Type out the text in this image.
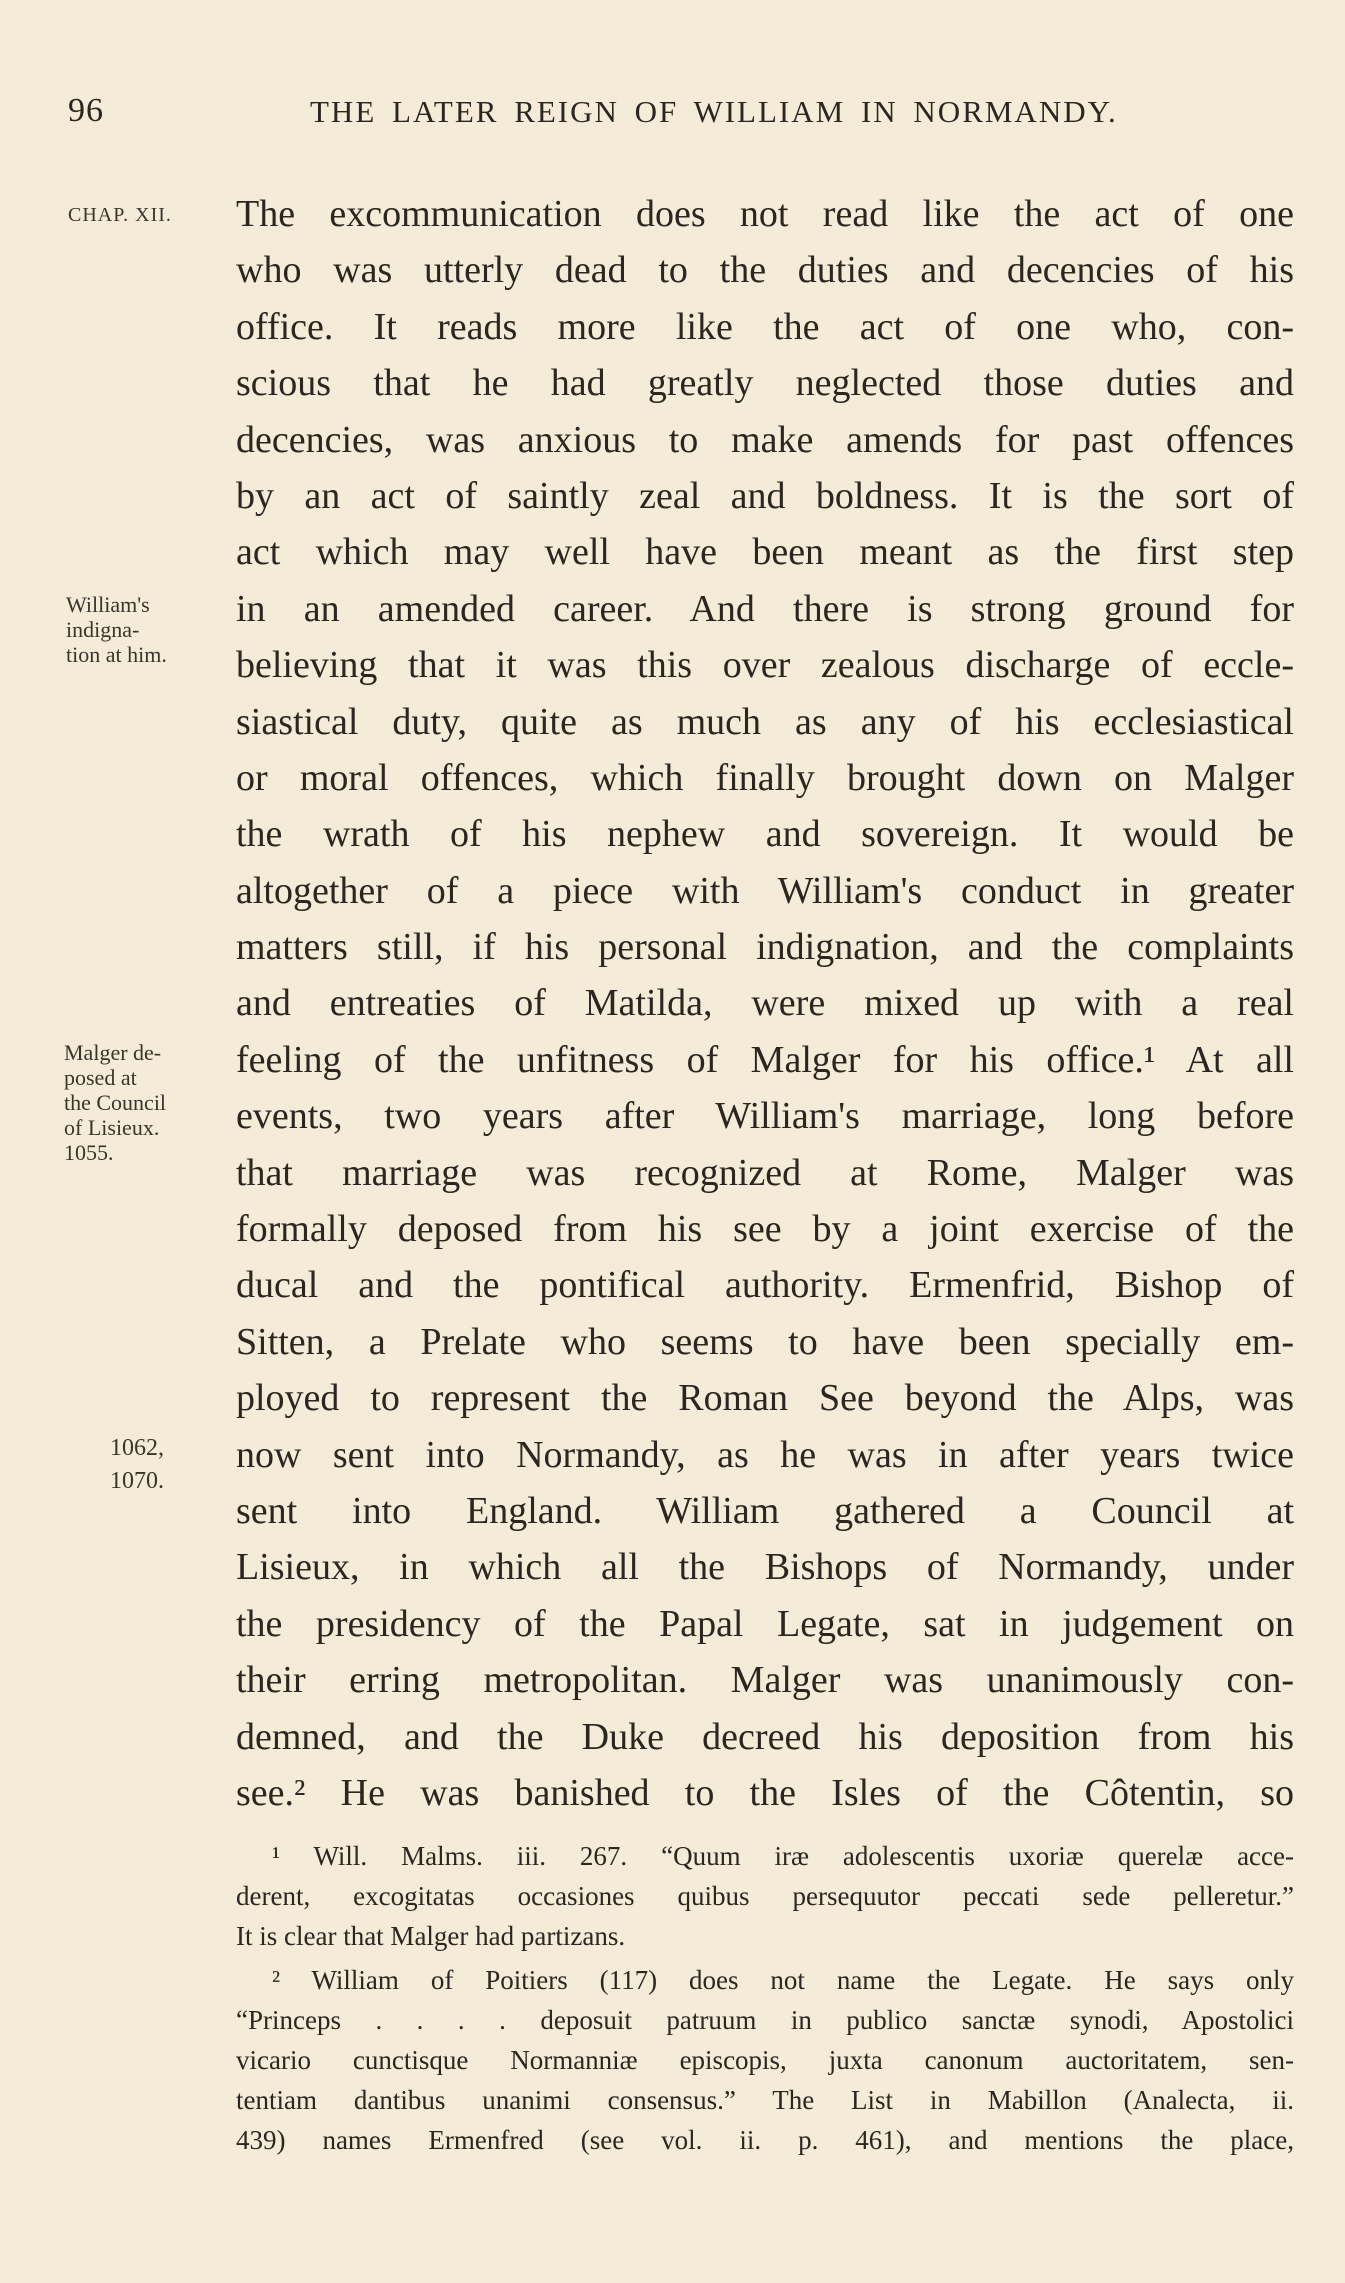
96	THE LATER REIGN OF WILLIAM IN NORMANDY.
CHAP. XII.
William's
indigna-
tion at him.
Malger de-
posed at
the Council
of Lisieux.
1055.
1062,
1070.
The excommunication does not read like the act of one
who was utterly dead to the duties and decencies of his
office. It reads more like the act of one who, con-
scious that he had greatly neglected those duties and
decencies, was anxious to make amends for past offences
by an act of saintly zeal and boldness. It is the sort of
act which may well have been meant as the first step
in an amended career. And there is strong ground for
believing that it was this over zealous discharge of eccle-
siastical duty, quite as much as any of his ecclesiastical
or moral offences, which finally brought down on Malger
the wrath of his nephew and sovereign. It would be
altogether of a piece with William's conduct in greater
matters still, if his personal indignation, and the complaints
and entreaties of Matilda, were mixed up with a real
feeling of the unfitness of Malger for his office.¹ At all
events, two years after William's marriage, long before
that marriage was recognized at Rome, Malger was
formally deposed from his see by a joint exercise of the
ducal and the pontifical authority. Ermenfrid, Bishop of
Sitten, a Prelate who seems to have been specially em-
ployed to represent the Roman See beyond the Alps, was
now sent into Normandy, as he was in after years twice
sent into England. William gathered a Council at
Lisieux, in which all the Bishops of Normandy, under
the presidency of the Papal Legate, sat in judgement on
their erring metropolitan. Malger was unanimously con-
demned, and the Duke decreed his deposition from his
see.² He was banished to the Isles of the Côtentin, so
¹ Will. Malms. iii. 267. “Quum iræ adolescentis uxoriæ querelæ acce-
derent, excogitatas occasiones quibus persequutor peccati sede pelleretur.”
It is clear that Malger had partizans.
² William of Poitiers (117) does not name the Legate. He says only
“Princeps . . . . deposuit patruum in publico sanctæ synodi, Apostolici
vicario cunctisque Normanniæ episcopis, juxta canonum auctoritatem, sen-
tentiam dantibus unanimi consensus.” The List in Mabillon (Analecta, ii.
439) names Ermenfred (see vol. ii. p. 461), and mentions the place,
